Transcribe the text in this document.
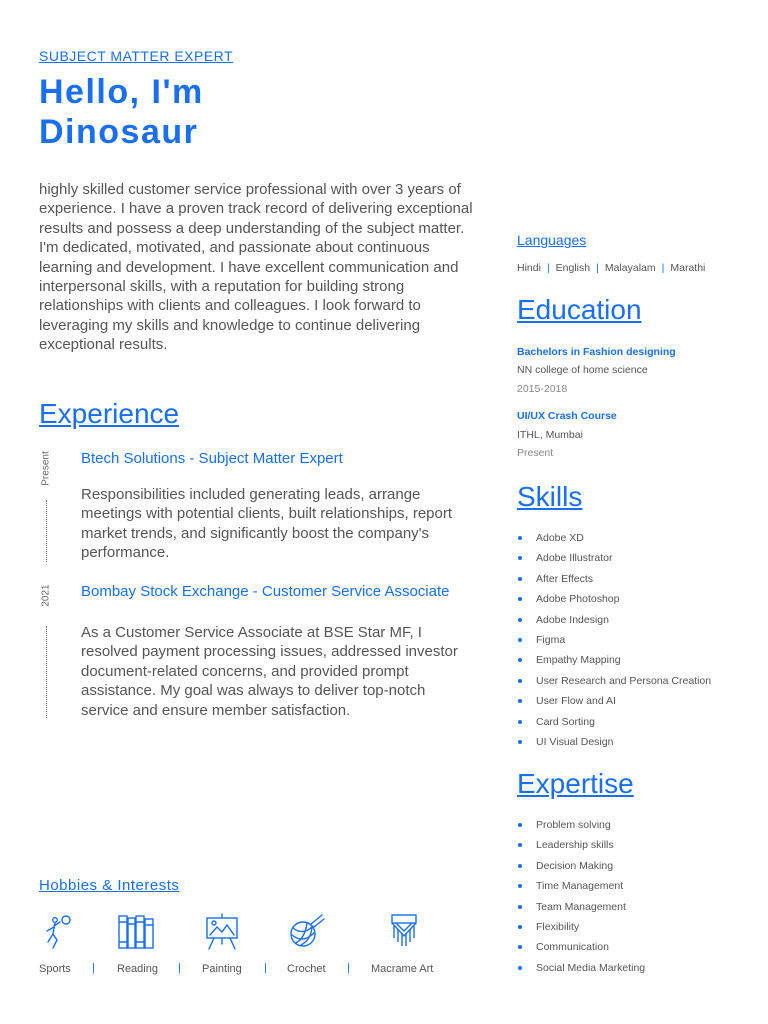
SUBJECT MATTER EXPERT
Hello, I'm
Dinosaur
highly skilled customer service professional with over 3 years of experience. I have a proven track record of delivering exceptional results and possess a deep understanding of the subject matter. I'm dedicated, motivated, and passionate about continuous learning and development. I have excellent communication and interpersonal skills, with a reputation for building strong relationships with clients and colleagues. I look forward to leveraging my skills and knowledge to continue delivering exceptional results.
Experience
Present Btech Solutions - Subject Matter Expert
Responsibilities included generating leads, arrange meetings with potential clients, built relationships, report market trends, and significantly boost the company's performance.
2021 Bombay Stock Exchange - Customer Service Associate
As a Customer Service Associate at BSE Star MF, I resolved payment processing issues, addressed investor document-related concerns, and provided prompt assistance. My goal was always to deliver top-notch service and ensure member satisfaction.
Hobbies & Interests
Sports | Reading | Painting | Crochet | Macrame Art
Languages
Hindi | English | Malayalam | Marathi
Education
Bachelors in Fashion designing
NN college of home science
2015-2018
UI/UX Crash Course
ITHL, Mumbai
Present
Skills
Adobe XD
Adobe Illustrator
After Effects
Adobe Photoshop
Adobe Indesign
Figma
Empathy Mapping
User Research and Persona Creation
User Flow and AI
Card Sorting
UI Visual Design
Expertise
Problem solving
Leadership skills
Decision Making
Time Management
Team Management
Flexibility
Communication
Social Media Marketing
